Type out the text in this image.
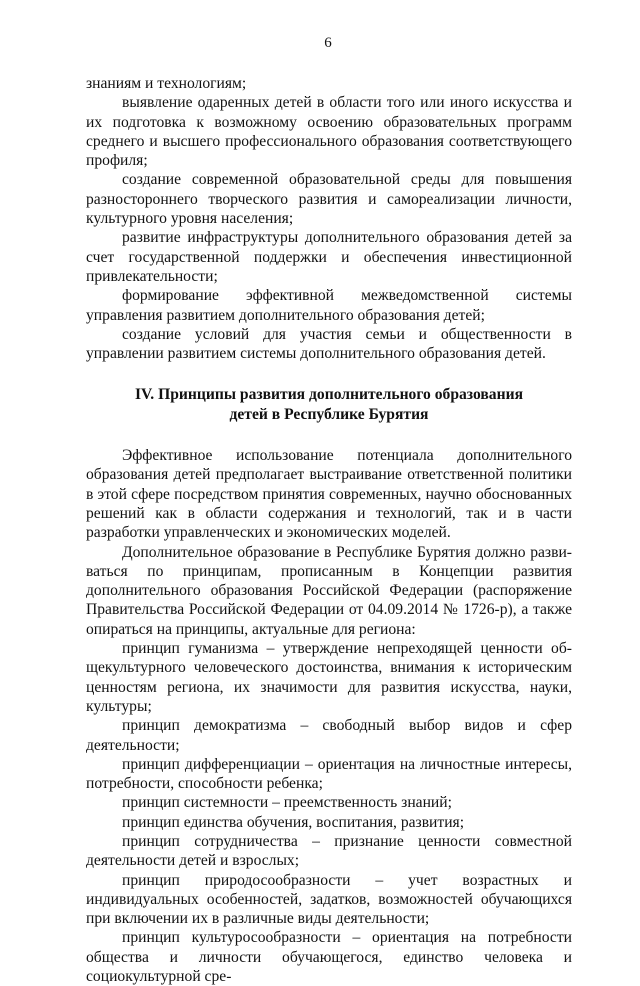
6

знаниям и технологиям;

выявление одаренных детей в области того или иного искусства и их подготовка к возможному освоению образовательных программ среднего и высшего профессионального образования соответствующего профиля;

создание современной образовательной среды для повышения разностороннего творческого развития и самореализации личности, культурного уровня населения;

развитие инфраструктуры дополнительного образования детей за счет государственной поддержки и обеспечения инвестиционной привлекательности;

формирование эффективной межведомственной системы управления развитием дополнительного образования детей;

создание условий для участия семьи и общественности в управлении развитием системы дополнительного образования детей.

IV. Принципы развития дополнительного образования
детей в Республике Бурятия

Эффективное использование потенциала дополнительного образования детей предполагает выстраивание ответственной политики в этой сфере посредством принятия современных, научно обоснованных решений как в области содержания и технологий, так и в части разработки управленческих и экономических моделей.

Дополнительное образование в Республике Бурятия должно развиваться по принципам, прописанным в Концепции развития дополнительного образования Российской Федерации (распоряжение Правительства Российской Федерации от 04.09.2014 № 1726-р), а также опираться на принципы, актуальные для региона:

принцип гуманизма – утверждение непреходящей ценности общекультурного человеческого достоинства, внимания к историческим ценностям региона, их значимости для развития искусства, науки, культуры;

принцип демократизма – свободный выбор видов и сфер деятельности;

принцип дифференциации – ориентация на личностные интересы, потребности, способности ребенка;

принцип системности – преемственность знаний;

принцип единства обучения, воспитания, развития;

принцип сотрудничества – признание ценности совместной деятельности детей и взрослых;

принцип природосообразности – учет возрастных и индивидуальных особенностей, задатков, возможностей обучающихся при включении их в различные виды деятельности;

принцип культуросообразности – ориентация на потребности общества и личности обучающегося, единство человека и социокультурной сре-
